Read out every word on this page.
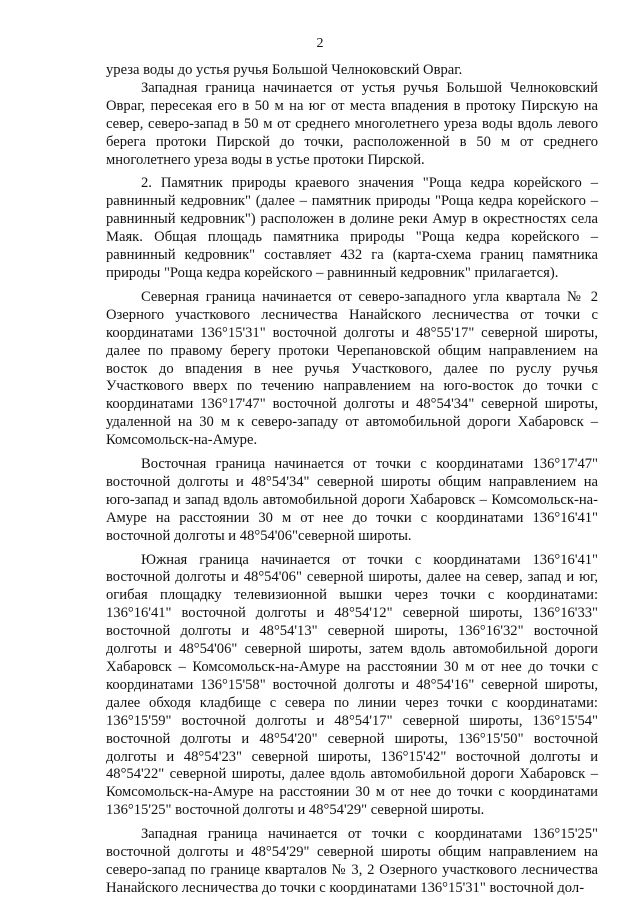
2

уреза воды до устья ручья Большой Челноковский Овраг.

Западная граница начинается от устья ручья Большой Челноковский Овраг, пересекая его в 50 м на юг от места впадения в протоку Пирскую на север, северо-запад в 50 м от среднего многолетнего уреза воды вдоль левого берега протоки Пирской до точки, расположенной в 50 м от среднего многолетнего уреза воды в устье протоки Пирской.

2. Памятник природы краевого значения "Роща кедра корейского – равнинный кедровник" (далее – памятник природы "Роща кедра корейского – равнинный кедровник") расположен в долине реки Амур в окрестностях села Маяк. Общая площадь памятника природы "Роща кедра корейского – равнинный кедровник" составляет 432 га (карта-схема границ памятника природы "Роща кедра корейского – равнинный кедровник" прилагается).

Северная граница начинается от северо-западного угла квартала № 2 Озерного участкового лесничества Нанайского лесничества от точки с координатами 136°15'31" восточной долготы и 48°55'17" северной широты, далее по правому берегу протоки Черепановской общим направлением на восток до впадения в нее ручья Участкового, далее по руслу ручья Участкового вверх по течению направлением на юго-восток до точки с координатами 136°17'47" восточной долготы и 48°54'34" северной широты, удаленной на 30 м к северо-западу от автомобильной дороги Хабаровск – Комсомольск-на-Амуре.

Восточная граница начинается от точки с координатами 136°17'47" восточной долготы и 48°54'34" северной широты общим направлением на юго-запад и запад вдоль автомобильной дороги Хабаровск – Комсомольск-на-Амуре на расстоянии 30 м от нее до точки с координатами 136°16'41" восточной долготы и 48°54'06"северной широты.

Южная граница начинается от точки с координатами 136°16'41" восточной долготы и 48°54'06" северной широты, далее на север, запад и юг, огибая площадку телевизионной вышки через точки с координатами: 136°16'41" восточной долготы и 48°54'12" северной широты, 136°16'33" восточной долготы и 48°54'13" северной широты, 136°16'32" восточной долготы и 48°54'06" северной широты, затем вдоль автомобильной дороги Хабаровск – Комсомольск-на-Амуре на расстоянии 30 м от нее до точки с координатами 136°15'58" восточной долготы и 48°54'16" северной широты, далее обходя кладбище с севера по линии через точки с координатами: 136°15'59" восточной долготы и 48°54'17" северной широты, 136°15'54" восточной долготы и 48°54'20" северной широты, 136°15'50" восточной долготы и 48°54'23" северной широты, 136°15'42" восточной долготы и 48°54'22" северной широты, далее вдоль автомобильной дороги Хабаровск – Комсомольск-на-Амуре на расстоянии 30 м от нее до точки с координатами 136°15'25" восточной долготы и 48°54'29" северной широты.

Западная граница начинается от точки с координатами 136°15'25" восточной долготы и 48°54'29" северной широты общим направлением на северо-запад по границе кварталов № 3, 2 Озерного участкового лесничества Нанайского лесничества до точки с координатами 136°15'31" восточной дол-
